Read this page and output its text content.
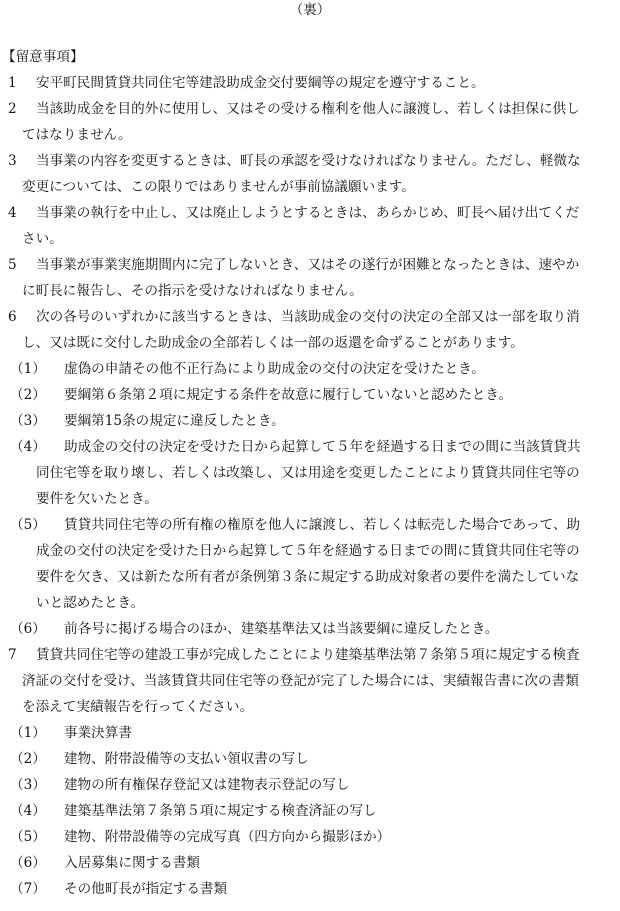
（裏）
【留意事項】
1 安平町民間賃貸共同住宅等建設助成金交付要綱等の規定を遵守すること。
2 当該助成金を目的外に使用し、又はその受ける権利を他人に譲渡し、若しくは担保に供し
てはなりません。
3 当事業の内容を変更するときは、町長の承認を受けなければなりません。ただし、軽微な
変更については、この限りではありませんが事前協議願います。
4 当事業の執行を中止し、又は廃止しようとするときは、あらかじめ、町長へ届け出てくだ
さい。
5 当事業が事業実施期間内に完了しないとき、又はその遂行が困難となったときは、速やか
に町長に報告し、その指示を受けなければなりません。
6 次の各号のいずれかに該当するときは、当該助成金の交付の決定の全部又は一部を取り消
し、又は既に交付した助成金の全部若しくは一部の返還を命ずることがあります。
（1） 虚偽の申請その他不正行為により助成金の交付の決定を受けたとき。
（2） 要綱第６条第２項に規定する条件を故意に履行していないと認めたとき。
（3） 要綱第15条の規定に違反したとき。
（4） 助成金の交付の決定を受けた日から起算して５年を経過する日までの間に当該賃貸共
同住宅等を取り壊し、若しくは改築し、又は用途を変更したことにより賃貸共同住宅等の
要件を欠いたとき。
（5） 賃貸共同住宅等の所有権の権原を他人に譲渡し、若しくは転売した場合であって、助
成金の交付の決定を受けた日から起算して５年を経過する日までの間に賃貸共同住宅等の
要件を欠き、又は新たな所有者が条例第３条に規定する助成対象者の要件を満たしていな
いと認めたとき。
（6） 前各号に掲げる場合のほか、建築基準法又は当該要綱に違反したとき。
7 賃貸共同住宅等の建設工事が完成したことにより建築基準法第７条第５項に規定する検査
済証の交付を受け、当該賃貸共同住宅等の登記が完了した場合には、実績報告書に次の書類
を添えて実績報告を行ってください。
（1） 事業決算書
（2） 建物、附帯設備等の支払い領収書の写し
（3） 建物の所有権保存登記又は建物表示登記の写し
（4） 建築基準法第７条第５項に規定する検査済証の写し
（5） 建物、附帯設備等の完成写真（四方向から撮影ほか）
（6） 入居募集に関する書類
（7） その他町長が指定する書類
